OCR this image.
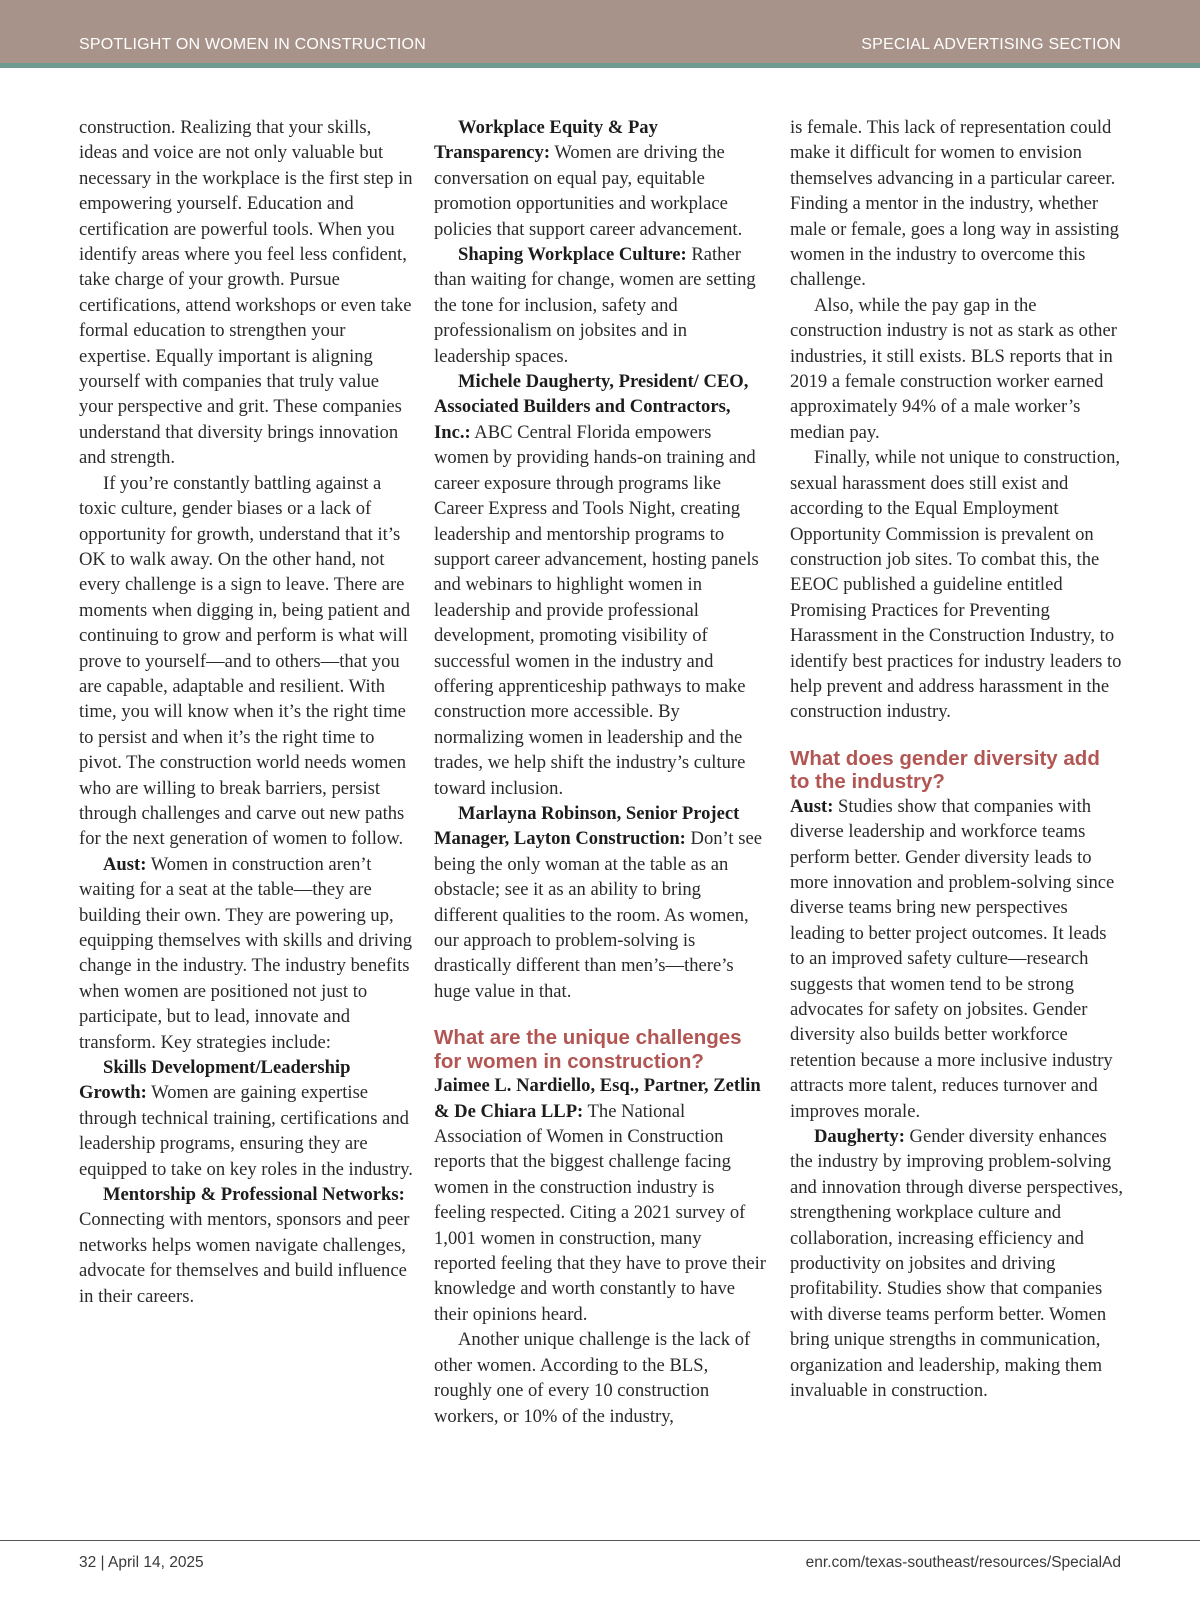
SPOTLIGHT ON WOMEN IN CONSTRUCTION	SPECIAL ADVERTISING SECTION

construction. Realizing that your skills, ideas and voice are not only valuable but necessary in the workplace is the first step in empowering yourself. Education and certification are powerful tools. When you identify areas where you feel less confident, take charge of your growth. Pursue certifications, attend workshops or even take formal education to strengthen your expertise. Equally important is aligning yourself with companies that truly value your perspective and grit. These companies understand that diversity brings innovation and strength.

If you’re constantly battling against a toxic culture, gender biases or a lack of opportunity for growth, understand that it’s OK to walk away. On the other hand, not every challenge is a sign to leave. There are moments when digging in, being patient and continuing to grow and perform is what will prove to yourself—and to others—that you are capable, adaptable and resilient. With time, you will know when it’s the right time to persist and when it’s the right time to pivot. The construction world needs women who are willing to break barriers, persist through challenges and carve out new paths for the next generation of women to follow.

Aust: Women in construction aren’t waiting for a seat at the table—they are building their own. They are powering up, equipping themselves with skills and driving change in the industry. The industry benefits when women are positioned not just to participate, but to lead, innovate and transform. Key strategies include:

Skills Development/Leadership Growth: Women are gaining expertise through technical training, certifications and leadership programs, ensuring they are equipped to take on key roles in the industry.

Mentorship & Professional Networks: Connecting with mentors, sponsors and peer networks helps women navigate challenges, advocate for themselves and build influence in their careers.

Workplace Equity & Pay Transparency: Women are driving the conversation on equal pay, equitable promotion opportunities and workplace policies that support career advancement.

Shaping Workplace Culture: Rather than waiting for change, women are setting the tone for inclusion, safety and professionalism on jobsites and in leadership spaces.

Michele Daugherty, President/ CEO, Associated Builders and Contractors, Inc.: ABC Central Florida empowers women by providing hands-on training and career exposure through programs like Career Express and Tools Night, creating leadership and mentorship programs to support career advancement, hosting panels and webinars to highlight women in leadership and provide professional development, promoting visibility of successful women in the industry and offering apprenticeship pathways to make construction more accessible. By normalizing women in leadership and the trades, we help shift the industry’s culture toward inclusion.

Marlayna Robinson, Senior Project Manager, Layton Construction: Don’t see being the only woman at the table as an obstacle; see it as an ability to bring different qualities to the room. As women, our approach to problem-solving is drastically different than men’s—there’s huge value in that.

What are the unique challenges for women in construction?

Jaimee L. Nardiello, Esq., Partner, Zetlin & De Chiara LLP: The National Association of Women in Construction reports that the biggest challenge facing women in the construction industry is feeling respected. Citing a 2021 survey of 1,001 women in construction, many reported feeling that they have to prove their knowledge and worth constantly to have their opinions heard.

Another unique challenge is the lack of other women. According to the BLS, roughly one of every 10 construction workers, or 10% of the industry,

is female. This lack of representation could make it difficult for women to envision themselves advancing in a particular career. Finding a mentor in the industry, whether male or female, goes a long way in assisting women in the industry to overcome this challenge.

Also, while the pay gap in the construction industry is not as stark as other industries, it still exists. BLS reports that in 2019 a female construction worker earned approximately 94% of a male worker’s median pay.

Finally, while not unique to construction, sexual harassment does still exist and according to the Equal Employment Opportunity Commission is prevalent on construction job sites. To combat this, the EEOC published a guideline entitled Promising Practices for Preventing Harassment in the Construction Industry, to identify best practices for industry leaders to help prevent and address harassment in the construction industry.

What does gender diversity add to the industry?

Aust: Studies show that companies with diverse leadership and workforce teams perform better. Gender diversity leads to more innovation and problem-solving since diverse teams bring new perspectives leading to better project outcomes. It leads to an improved safety culture—research suggests that women tend to be strong advocates for safety on jobsites. Gender diversity also builds better workforce retention because a more inclusive industry attracts more talent, reduces turnover and improves morale.

Daugherty: Gender diversity enhances the industry by improving problem-solving and innovation through diverse perspectives, strengthening workplace culture and collaboration, increasing efficiency and productivity on jobsites and driving profitability. Studies show that companies with diverse teams perform better. Women bring unique strengths in communication, organization and leadership, making them invaluable in construction.

32 | April 14, 2025	enr.com/texas-southeast/resources/SpecialAd
